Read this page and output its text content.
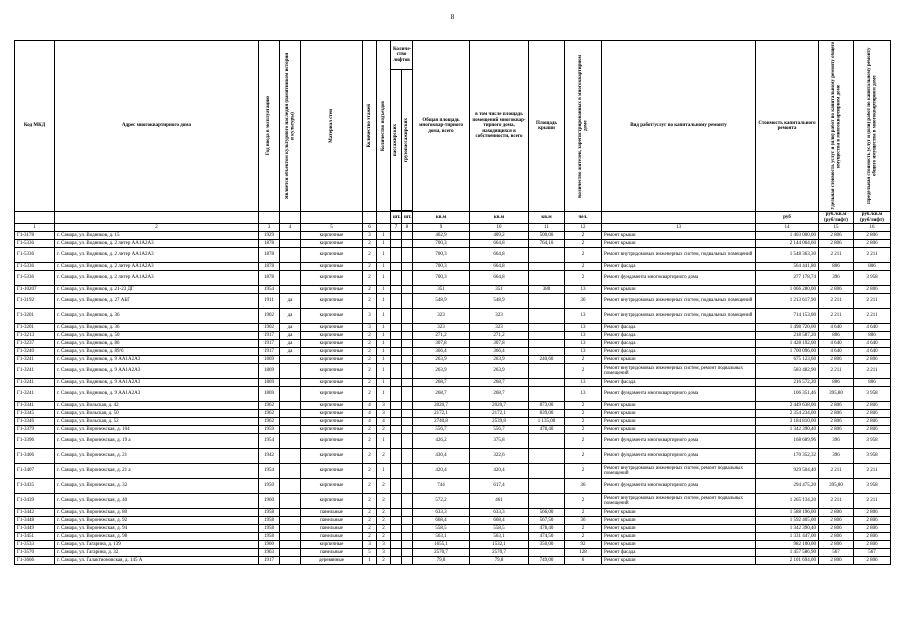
8
Код МКД	Адрес многоквартирного дома	Год ввода в эксплуатацию	Является объектом культурного наследия (памятником истории и культуры)	Материал стен	Количество этажей	Количество подъездов	Количе-ство лифтов		Общая площадь многоквар-тирного дома, всего	в том числе площадь помещений многоквар-тирного дома, находящихся в собственности, всего	Площадь крыши	Количество жителей, зарегистрированных в многоквартирном доме	Вид работ/услуг по капитальному ремонту	Стоимость капитального ремонта	Удельная стоимость услуг и (или) работ по капитальному ремонту общего имущества в многоквартирном доме	Предельная стоимость услуг и (или) работ по капитальному ремонту общего имущества в многоквартирном доме

							пассажирских	грузопассажирских								

							шт.	шт.	кв.м	кв.м	кв.м	чел.		руб	руб./кв.м (руб/лифт)	руб./кв.м (руб/лифт)
1	2	3	4	5	6		7	8	9	10	11	12	13	14	15	16
Г1-3178	г. Самара, ул. Водников, д. 15	1929		кирпичные	3	1			462,9	409,2	500,00	2	Ремонт крыши	1 403 000,00	2 806	2 806
Г1-5336	г. Самара, ул. Водников, д. 2 литер АА1А2А3	1878		кирпичные	2	1			700,3	664,8	764,10	2	Ремонт крыши	2 144 064,60	2 806	2 806
Г1-5336	г. Самара, ул. Водников, д. 2 литер АА1А2А3	1878		кирпичные	2	1			700,3	664,8		2	Ремонт внутридомовых инженерных систем, подвальных помещений	1 548 363,30	2 211	2 211
Г1-5336	г. Самара, ул. Водников, д. 2 литер АА1А2А3	1878		кирпичные	2	1			700,3	664,8		2	Ремонт фасада	564 441,80	806	806
Г1-5336	г. Самара, ул. Водников, д. 2 литер АА1А2А3	1878		кирпичные	2	1			700,3	664,8		2	Ремонт фундамента многоквартирного дома	277 178,74	396	3 958
Г1-10207	г. Самара, ул. Водников, д. 21-23 ДГ	1954		кирпичные	2	1			351	351	380	13	Ремонт крыши	1 066 280,00	2 806	2 806
Г1-3192	г. Самара, ул. Водников, д. 27 АБГ	1911	да	кирпичные	2	1			548,9	548,9		36	Ремонт внутридомовых инженерных систем, подвальных помещений	1 213 617,90	2 211	2 211
Г1-3201	г. Самара, ул. Водников, д. 36	1902	да	кирпичные	3	1			323	323		13	Ремонт внутридомовых инженерных систем, подвальных помещений	714 153,00	2 211	2 211
Г1-3201	г. Самара, ул. Водников, д. 36	1902	да	кирпичные	3	1			323	323		13	Ремонт фасада	1 498 720,00	4 640	4 640
Г1-3213	г. Самара, ул. Водников, д. 50	1917	да	кирпичные	2	1			271,2	271,2		13	Ремонт фасада	218 587,20	806	806
Г1-3237	г. Самара, ул. Водников, д. 86	1917	да	кирпичные	2	1			307,8	307,8		13	Ремонт фасада	1 428 192,00	4 640	4 640
Г1-3240	г. Самара, ул. Водников, д. 89/6	1917	да	кирпичные	2	1			366,4	366,4		13	Ремонт фасада	1 700 096,00	4 640	4 640
Г1-3241	г. Самара, ул. Водников, д. 9 АА1А2А3	1869		кирпичные	2	1			263,9	263,9	240,60	2	Ремонт крыши	675 123,60	2 806	2 806
Г1-3241	г. Самара, ул. Водников, д. 9 АА1А2А3	1869		кирпичные	2	1			263,9	263,9		2	Ремонт внутридомовых инженерных систем, ремонт подвальных помещений	583 482,90	2 211	2 211
Г1-3241	г. Самара, ул. Водников, д. 9 АА1А2А3	1869		кирпичные	2	1			268,7	268,7		13	Ремонт фасада	216 572,20	806	806
Г1-3241	г. Самара, ул. Водников, д. 9 АА1А2А3	1869		кирпичные	2	1			268,7	268,7		13	Ремонт фундамента многоквартирного дома	106 351,46	395,80	3 958
Г1-3341	г. Самара, ул. Вольская, д. 42	1962		кирпичные	4	3			2020,7	2020,7	873,00	2	Ремонт крыши	2 449 638,00	2 806	2 806
Г1-3345	г. Самара, ул. Вольская, д. 50	1962		кирпичные	4	3			2172,1	2172,1	839,00	2	Ремонт крыши	2 354 234,00	2 806	2 806
Г1-3346	г. Самара, ул. Вольская, д. 52	1962		кирпичные	4	4			2740,8	2539,8	1 135,00	2	Ремонт крыши	3 184 810,00	2 806	2 806
Г1-3379	г. Самара, ул. Воронежская, д. 104	1959		кирпичные	2	2			556,7	556,7	478,40	2	Ремонт крыши	1 342 390,40	2 806	2 806
Г1-3396	г. Самара, ул. Воронежская, д. 19 а	1954		кирпичные	2	1			426,2	375,8		2	Ремонт фундамента многоквартирного дома	168 689,96	396	3 958
Г1-3406	г. Самара, ул. Воронежская, д. 21	1942		кирпичные	2	2			430,4	322,6		2	Ремонт фундамента многоквартирного дома	170 352,32	396	3 958
Г1-3407	г. Самара, ул. Воронежская, д. 21 а	1954		кирпичные	2	1			420,4	420,4		2	Ремонт внутридомовых инженерных систем, ремонт подвальных помещений	929 504,40	2 211	2 211
Г1-3435	г. Самара, ул. Воронежская, д. 32	1950		кирпичные	2	2			744	617,4		36	Ремонт фундамента многоквартирного дома	294 475,20	395,80	3 958
Г1-3439	г. Самара, ул. Воронежская, д. 40	1960		кирпичные	2	2			572,2	461		2	Ремонт внутридомовых инженерных систем, ремонт подвальных помещений	1 265 134,20	2 211	2 211
Г1-3442	г. Самара, ул. Воронежская, д. 80	1958		панельные	2	2			633,3	633,3	566,00	2	Ремонт крыши	1 588 196,00	2 806	2 806
Г1-3448	г. Самара, ул. Воронежская, д. 92	1958		панельные	2	2			668,4	668,4	567,50	36	Ремонт крыши	1 592 405,00	2 806	2 806
Г1-3449	г. Самара, ул. Воронежская, д. 94	1958		панельные	2	2			558,5	558,5	478,40	2	Ремонт крыши	1 342 390,40	2 806	2 806
Г1-3451	г. Самара, ул. Воронежская, д. 98	1958		панельные	2	2			563,1	563,1	474,50	2	Ремонт крыши	1 331 447,00	2 806	2 806
Г1-3533	г. Самара, ул. Гагарина, д. 139	1960		кирпичные	3	3			1655,1	1532,1	350,00	92	Ремонт крыши	982 100,00	2 806	2 806
Г1-3570	г. Самара, ул. Гагарина, д. 32	1963		панельные	5	3			2570,7	2570,7		128	Ремонт фасада	1 457 586,90	567	567
Г1-3666	г. Самара, ул. Галактионовская, д. 145 А	1917		деревянные	1	2			79,8	79,8	749,00	6	Ремонт крыши	2 101 694,00	2 806	2 806
